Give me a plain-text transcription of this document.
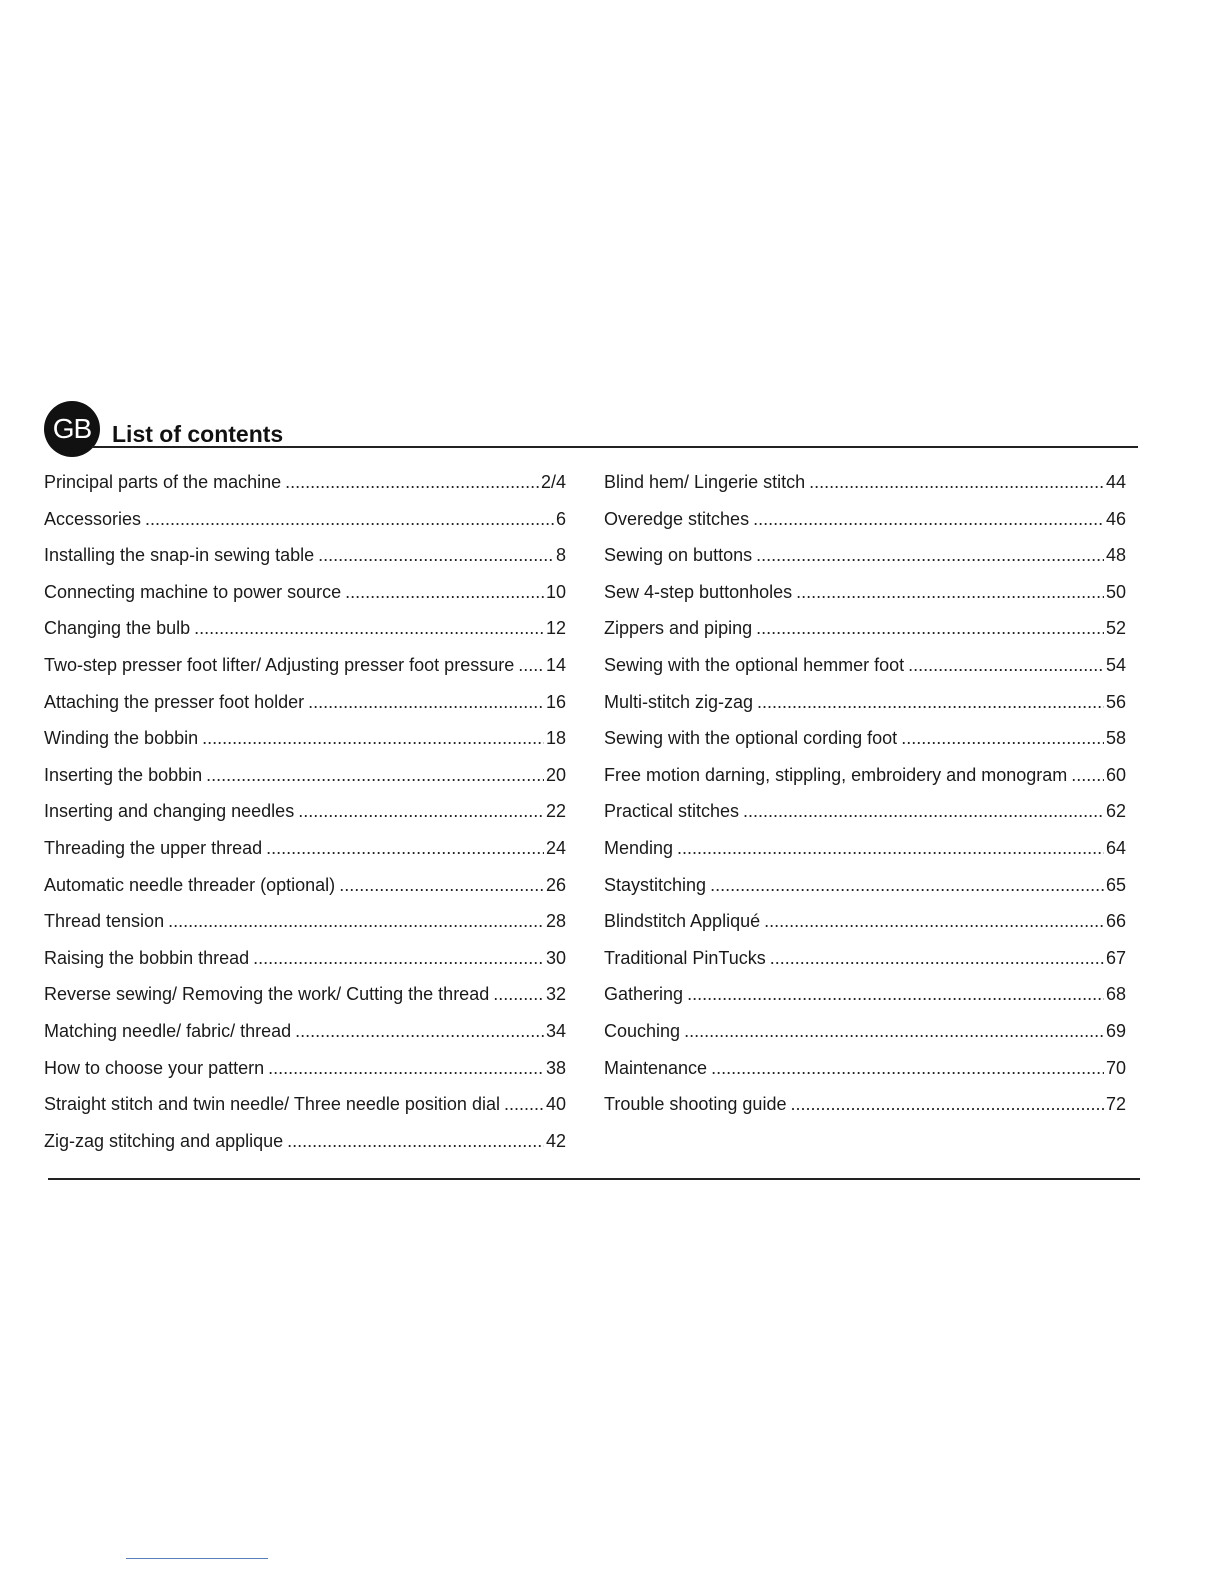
GB List of contents
Principal parts of the machine .....	2/4
Accessories .....	6
Installing the snap-in sewing table .....	8
Connecting machine to power source .....	10
Changing the bulb .....	12
Two-step presser foot lifter/ Adjusting presser foot pressure ..... 14
Attaching the presser foot holder .....	16
Winding the bobbin .....	18
Inserting the bobbin .....	20
Inserting and changing needles .....	22
Threading the upper thread .....	24
Automatic needle threader (optional) .....	26
Thread tension .....	28
Raising the bobbin thread .....	30
Reverse sewing/ Removing the work/ Cutting the thread .....	32
Matching needle/ fabric/ thread .....	34
How to choose your pattern .....	38
Straight stitch and twin needle/ Three needle position dial .....	40
Zig-zag stitching and applique .....	42
Blind hem/ Lingerie stitch .....	44
Overedge stitches .....	46
Sewing on buttons .....	48
Sew 4-step buttonholes .....	50
Zippers and piping .....	52
Sewing with the optional hemmer foot .....	54
Multi-stitch zig-zag .....	56
Sewing with the optional cording foot .....	58
Free motion darning, stippling, embroidery and monogram ..... 60
Practical stitches .....	62
Mending .....	64
Staystitching .....	65
Blindstitch Appliqué .....	66
Traditional PinTucks .....	67
Gathering .....	68
Couching .....	69
Maintenance .....	70
Trouble shooting guide .....	72
